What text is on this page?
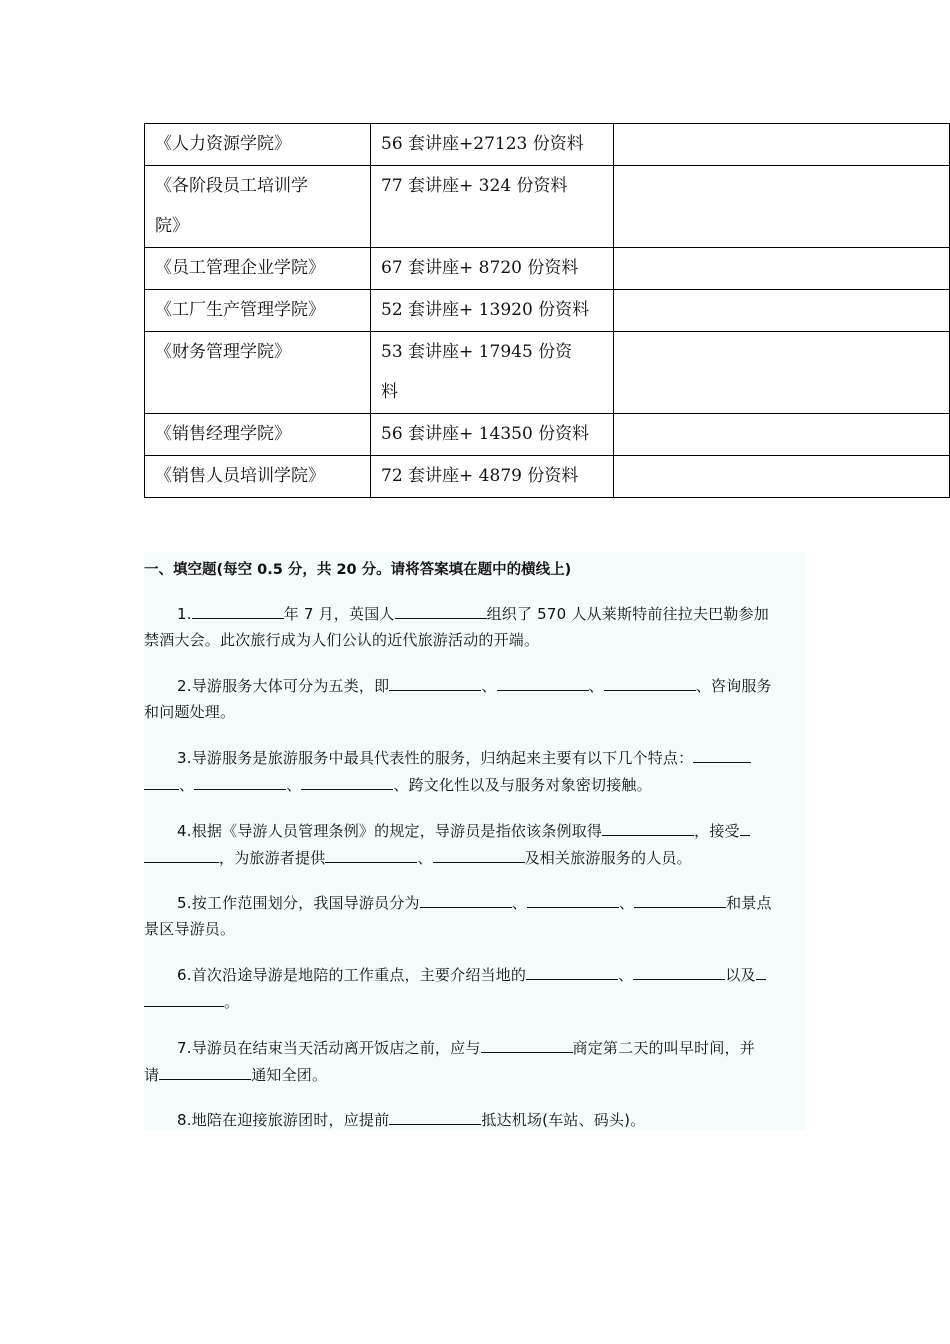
《人力资源学院》	56 套讲座+27123 份资料	
《各阶段员工培训学院》	77 套讲座+ 324 份资料	
《员工管理企业学院》	67 套讲座+ 8720 份资料	
《工厂生产管理学院》	52 套讲座+ 13920 份资料	
《财务管理学院》	53 套讲座+ 17945 份资料	
《销售经理学院》	56 套讲座+ 14350 份资料	
《销售人员培训学院》	72 套讲座+ 4879 份资料	
一、填空题(每空 0.5 分，共 20 分。请将答案填在题中的横线上)
1.	年 7 月，英国人	组织了 570 人从莱斯特前往拉夫巴勒参加
禁酒大会。此次旅行成为人们公认的近代旅游活动的开端。
2.导游服务大体可分为五类，即	、	、	、咨询服务
和问题处理。
3.导游服务是旅游服务中最具代表性的服务，归纳起来主要有以下几个特点：
、	、	、跨文化性以及与服务对象密切接触。
4.根据《导游人员管理条例》的规定，导游员是指依该条例取得	，接受
，为旅游者提供	、	及相关旅游服务的人员。
5.按工作范围划分，我国导游员分为	、	、	和景点
景区导游员。
6.首次沿途导游是地陪的工作重点，主要介绍当地的	、	以及
。
7.导游员在结束当天活动离开饭店之前，应与	商定第二天的叫早时间，并
请	通知全团。
8.地陪在迎接旅游团时，应提前	抵达机场(车站、码头)。
